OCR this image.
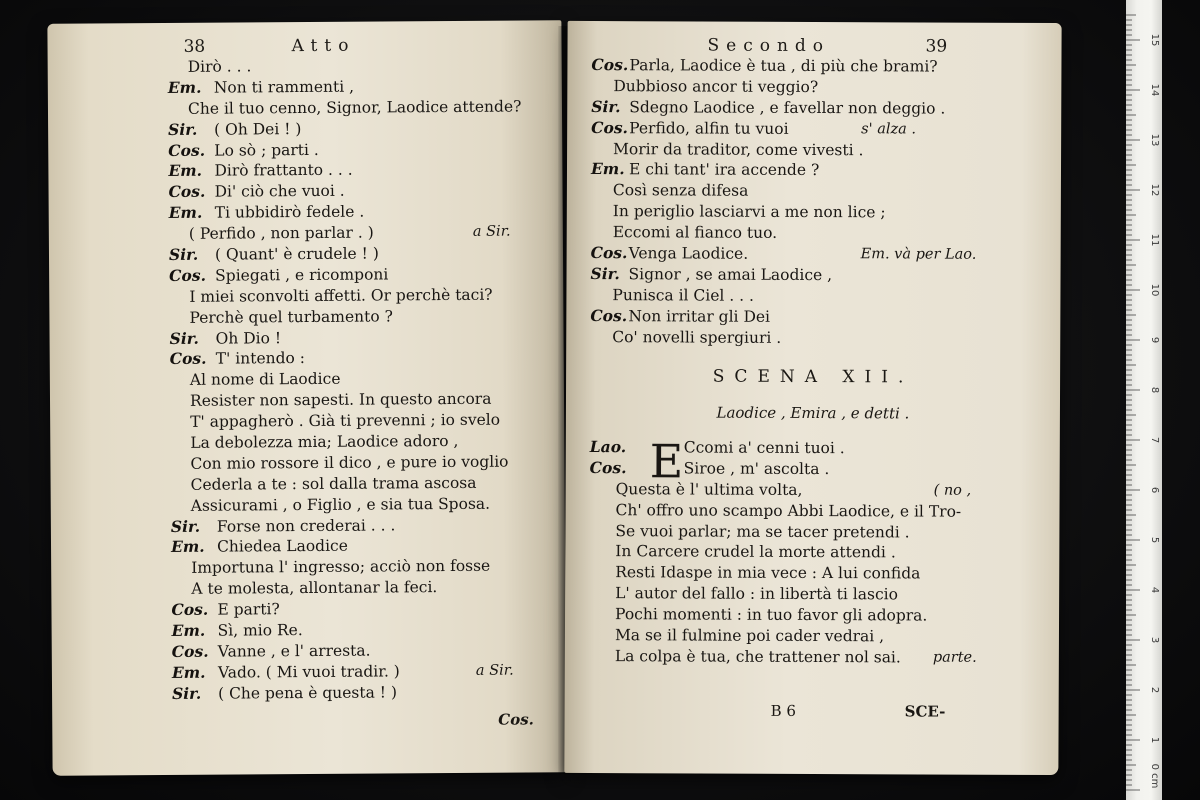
38	Atto
Dirò . . .
Em. Non ti rammenti ,
Che il tuo cenno, Signor, Laodice attende?
Sir. ( Oh Dei ! )
Cos. Lo sò ; parti .
Em. Dirò frattanto . . .
Cos. Di' ciò che vuoi .
Em. Ti ubbidirò fedele .
( Perfido , non parlar . )	a Sir.
Sir. ( Quant' è crudele ! )
Cos. Spiegati , e ricomponi
I miei sconvolti affetti. Or perchè taci?
Perchè quel turbamento ?
Sir. Oh Dio !
Cos. T' intendo :
Al nome di Laodice
Resister non sapesti. In questo ancora
T' appagherò . Già ti prevenni ; io svelo
La debolezza mia; Laodice adoro ,
Con mio rossore il dico , e pure io voglio
Cederla a te : sol dalla trama ascosa
Assicurami , o Figlio , e sia tua Sposa.
Sir. Forse non crederai . . .
Em. Chiedea Laodice
Importuna l' ingresso; acciò non fosse
A te molesta, allontanar la feci.
Cos. E parti?
Em. Sì, mio Re.
Cos. Vanne , e l' arresta.
Em. Vado. ( Mi vuoi tradir. )	a Sir.
Sir. ( Che pena è questa ! )
Cos.
Secondo	39
Cos. Parla, Laodice è tua , di più che brami?
Dubbioso ancor ti veggio?
Sir. Sdegno Laodice , e favellar non deggio .
Cos. Perfido, alfin tu vuoi	s' alza .
Morir da traditor, come vivesti .
Em. E chi tant' ira accende ?
Così senza difesa
In periglio lasciarvi a me non lice ;
Eccomi al fianco tuo.
Cos. Venga Laodice.	Em. và per Lao.
Sir. Signor , se amai Laodice ,
Punisca il Ciel . . .
Cos. Non irritar gli Dei
Co' novelli spergiuri .
SCENA XII.
Laodice , Emira , e detti .
E
Lao.	Ccomi a' cenni tuoi .
Cos.	Siroe , m' ascolta .
Questa è l' ultima volta,	( no ,
Ch' offro uno scampo Abbi Laodice, e il Tro-
Se vuoi parlar; ma se tacer pretendi .
In Carcere crudel la morte attendi .
Resti Idaspe in mia vece : A lui confida
L' autor del fallo : in libertà ti lascio
Pochi momenti : in tuo favor gli adopra.
Ma se il fulmine poi cader vedrai ,
La colpa è tua, che trattener nol sai. parte.
B 6	SCE-
1
2
3
4
5
6
7
8
9
10
11
12
13
14
15
0 cm
